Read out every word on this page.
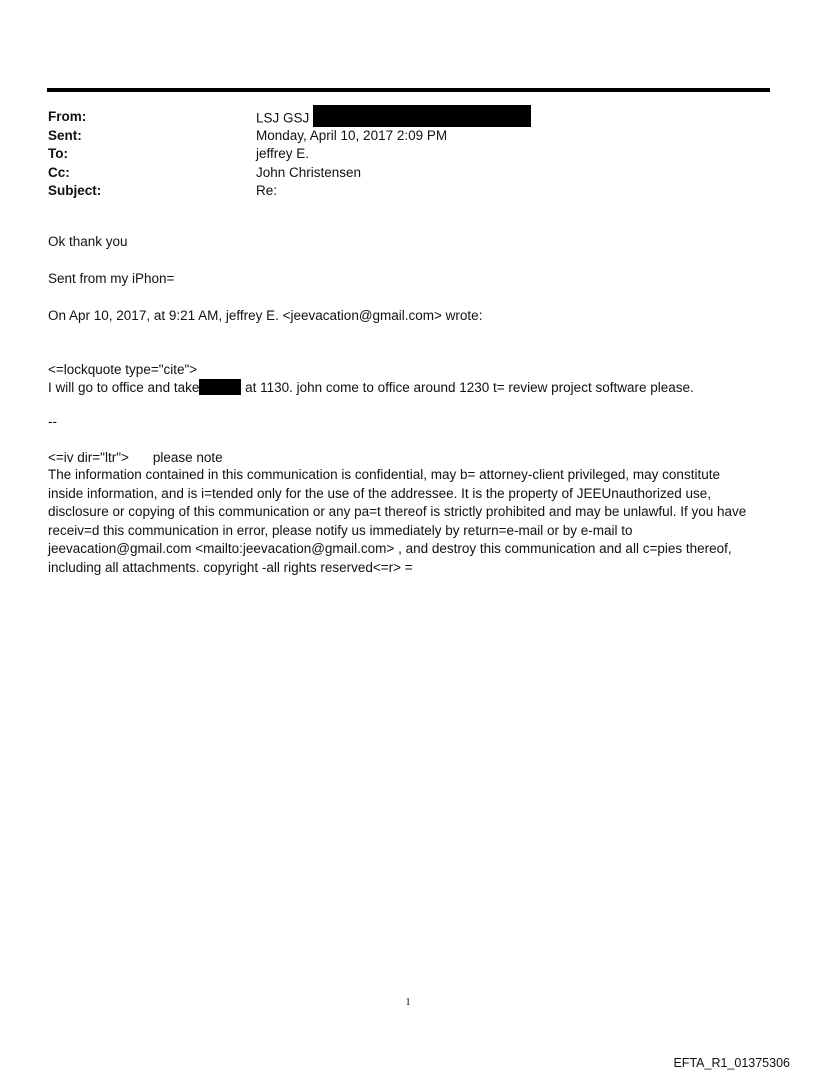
From:	LSJ GSJ
Sent:	Monday, April 10, 2017 2:09 PM
To:	jeffrey E.
Cc:	John Christensen
Subject:	Re:
Ok thank you
Sent from my iPhon=
On Apr 10, 2017, at 9:21 AM, jeffrey E. <jeevacation@gmail.com> wrote:
<=lockquote type="cite">
I will go to office and take	at 1130. john come to office around 1230 t= review project software please.
--
<=iv dir="ltr"> please note
The information contained in this communication is confidential, may b= attorney-client privileged, may constitute
inside information, and is i=tended only for the use of the addressee. It is the property of JEEUnauthorized use,
disclosure or copying of this communication or any pa=t thereof is strictly prohibited and may be unlawful. If you have
receiv=d this communication in error, please notify us immediately by return=e-mail or by e-mail to
jeevacation@gmail.com <mailto:jeevacation@gmail.com> , and destroy this communication and all c=pies thereof,
including all attachments. copyright -all rights reserved<=r> =
1
EFTA_R1_01375306
